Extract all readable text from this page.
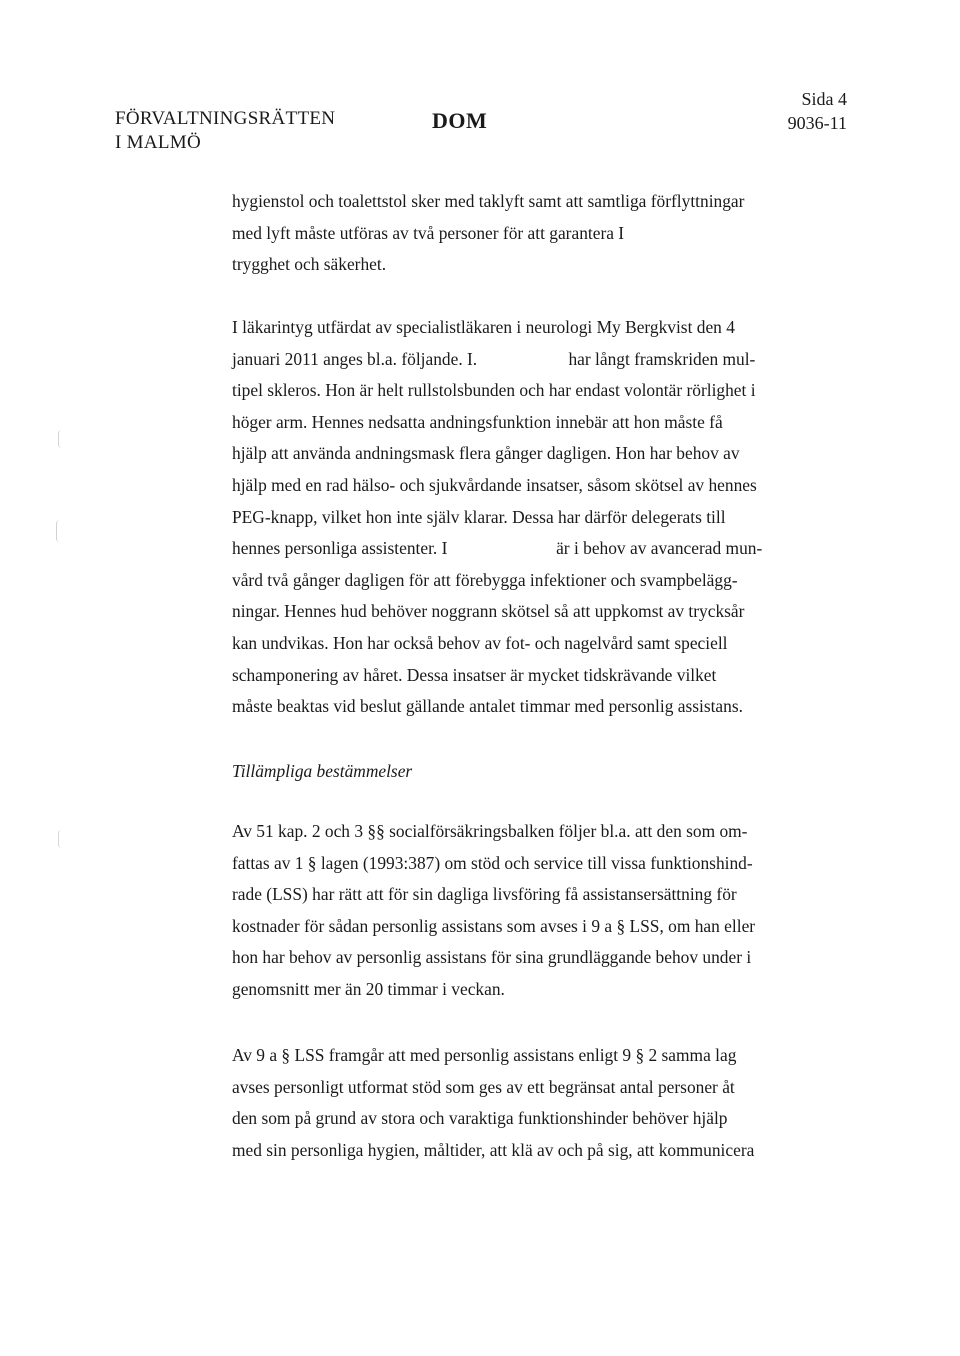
FÖRVALTNINGSRÄTTEN
I MALMÖ
DOM
Sida 4
9036-11

hygienstol och toalettstol sker med taklyft samt att samtliga förflyttningar
med lyft måste utföras av två personer för att garantera I
trygghet och säkerhet.

I läkarintyg utfärdat av specialistläkaren i neurologi My Bergkvist den 4
januari 2011 anges bl.a. följande. I.                     har långt framskriden mul-
tipel skleros. Hon är helt rullstolsbunden och har endast volontär rörlighet i
höger arm. Hennes nedsatta andningsfunktion innebär att hon måste få
hjälp att använda andningsmask flera gånger dagligen. Hon har behov av
hjälp med en rad hälso- och sjukvårdande insatser, såsom skötsel av hennes
PEG-knapp, vilket hon inte själv klarar. Dessa har därför delegerats till
hennes personliga assistenter. I                         är i behov av avancerad mun-
vård två gånger dagligen för att förebygga infektioner och svampbelägg-
ningar. Hennes hud behöver noggrann skötsel så att uppkomst av trycksår
kan undvikas. Hon har också behov av fot- och nagelvård samt speciell
schamponering av håret. Dessa insatser är mycket tidskrävande vilket
måste beaktas vid beslut gällande antalet timmar med personlig assistans.

Tillämpliga bestämmelser

Av 51 kap. 2 och 3 §§ socialförsäkringsbalken följer bl.a. att den som om-
fattas av 1 § lagen (1993:387) om stöd och service till vissa funktionshind-
rade (LSS) har rätt att för sin dagliga livsföring få assistansersättning för
kostnader för sådan personlig assistans som avses i 9 a § LSS, om han eller
hon har behov av personlig assistans för sina grundläggande behov under i
genomsnitt mer än 20 timmar i veckan.

Av 9 a § LSS framgår att med personlig assistans enligt 9 § 2 samma lag
avses personligt utformat stöd som ges av ett begränsat antal personer åt
den som på grund av stora och varaktiga funktionshinder behöver hjälp
med sin personliga hygien, måltider, att klä av och på sig, att kommunicera
